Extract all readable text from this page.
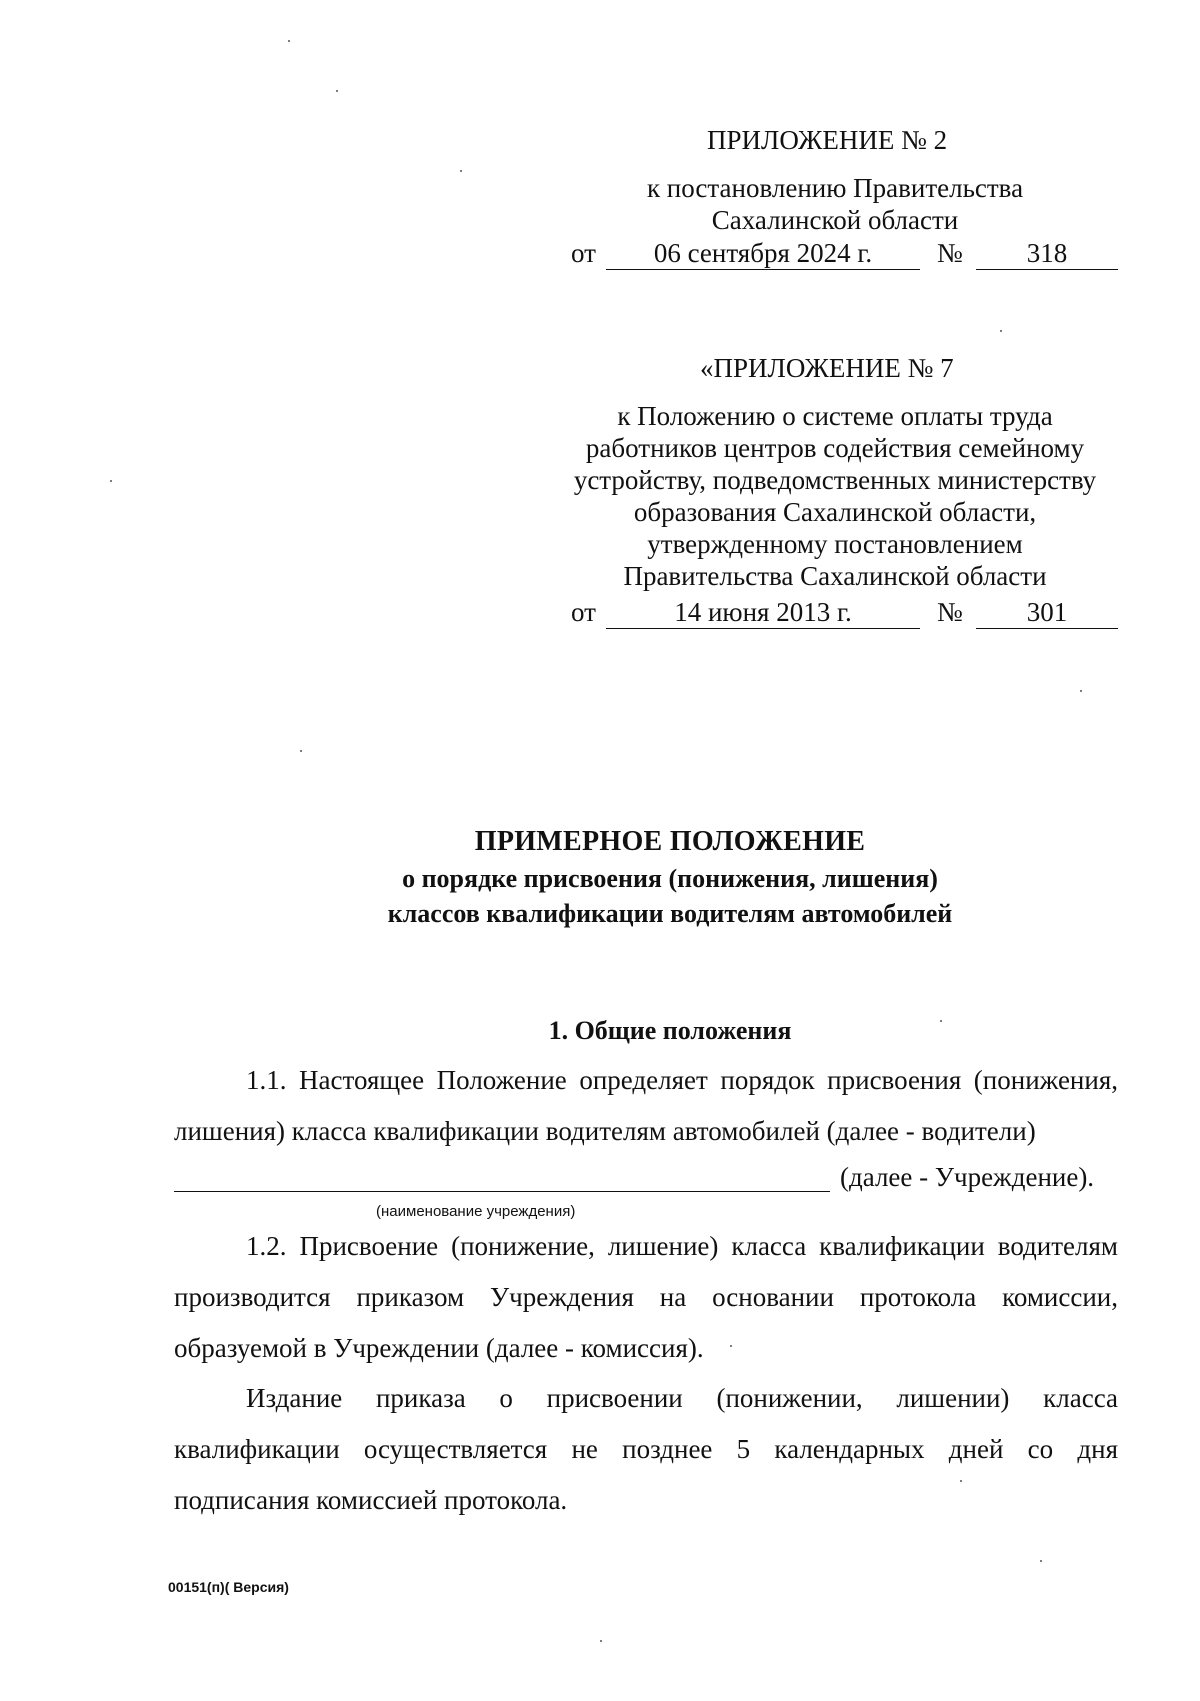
ПРИЛОЖЕНИЕ № 2
к постановлению Правительства
Сахалинской области
от	06 сентября 2024 г.	№	318
«ПРИЛОЖЕНИЕ № 7
к Положению о системе оплаты труда
работников центров содействия семейному
устройству, подведомственных министерству
образования Сахалинской области,
утвержденному постановлением
Правительства Сахалинской области
от	14 июня 2013 г.	№	301
ПРИМЕРНОЕ ПОЛОЖЕНИЕ
о порядке присвоения (понижения, лишения)
классов квалификации водителям автомобилей
1. Общие положения
1.1. Настоящее Положение определяет порядок присвоения (понижения, лишения) класса квалификации водителям автомобилей (далее - водители)
(далее - Учреждение).
(наименование учреждения)
1.2. Присвоение (понижение, лишение) класса квалификации водителям производится приказом Учреждения на основании протокола комиссии, образуемой в Учреждении (далее - комиссия).
Издание приказа о присвоении (понижении, лишении) класса квалификации осуществляется не позднее 5 календарных дней со дня подписания комиссией протокола.
00151(п)( Версия)
